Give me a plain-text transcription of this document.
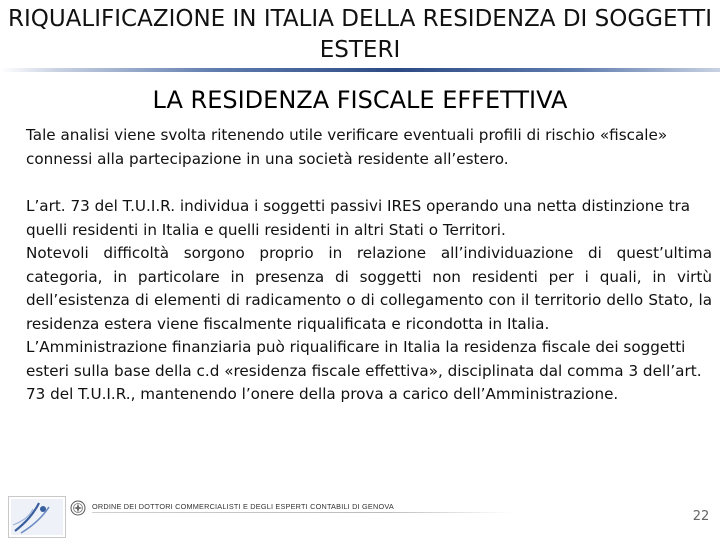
RIQUALIFICAZIONE IN ITALIA DELLA RESIDENZA DI SOGGETTI ESTERI
LA RESIDENZA FISCALE EFFETTIVA

Tale analisi viene svolta ritenendo utile verificare eventuali profili di rischio «fiscale» connessi alla partecipazione in una società residente all’estero.

L’art. 73 del T.U.I.R. individua i soggetti passivi IRES operando una netta distinzione tra quelli residenti in Italia e quelli residenti in altri Stati o Territori.

Notevoli difficoltà sorgono proprio in relazione all’individuazione di quest’ultima categoria, in particolare in presenza di soggetti non residenti per i quali, in virtù dell’esistenza di elementi di radicamento o di collegamento con il territorio dello Stato, la residenza estera viene fiscalmente riqualificata e ricondotta in Italia.

L’Amministrazione finanziaria può riqualificare in Italia la residenza fiscale dei soggetti esteri sulla base della c.d «residenza fiscale effettiva», disciplinata dal comma 3 dell’art. 73 del T.U.I.R., mantenendo l’onere della prova a carico dell’Amministrazione.

ORDINE DEI DOTTORI COMMERCIALISTI E DEGLI ESPERTI CONTABILI DI GENOVA
22
